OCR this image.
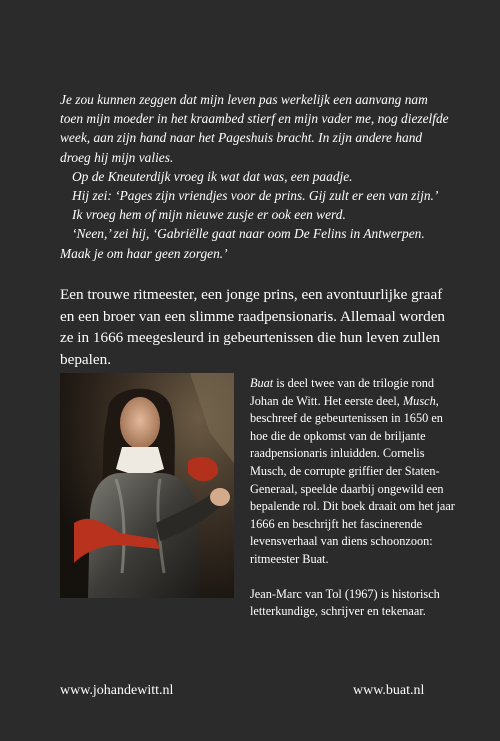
Je zou kunnen zeggen dat mijn leven pas werkelijk een aanvang nam toen mijn moeder in het kraambed stierf en mijn vader me, nog diezelfde week, aan zijn hand naar het Pageshuis bracht. In zijn andere hand droeg hij mijn valies.

Op de Kneuterdijk vroeg ik wat dat was, een paadje.

Hij zei: ‘Pages zijn vriendjes voor de prins. Gij zult er een van zijn.’

Ik vroeg hem of mijn nieuwe zusje er ook een werd.

‘Neen,’ zei hij, ‘Gabriëlle gaat naar oom De Felins in Antwerpen. Maak je om haar geen zorgen.’

Een trouwe ritmeester, een jonge prins, een avontuurlijke graaf en een broer van een slimme raadpensionaris. Allemaal worden ze in 1666 meegesleurd in gebeurtenissen die hun leven zullen bepalen.

Buat is deel twee van de trilogie rond Johan de Witt. Het eerste deel, Musch, beschreef de gebeurtenissen in 1650 en hoe die de opkomst van de briljante raadpensionaris inluidden. Cornelis Musch, de corrupte griffier der Staten-Generaal, speelde daarbij ongewild een bepalende rol. Dit boek draait om het jaar 1666 en beschrijft het fascinerende levensverhaal van diens schoonzoon: ritmeester Buat.

Jean-Marc van Tol (1967) is historisch letterkundige, schrijver en tekenaar.

www.johandewitt.nl	www.buat.nl
